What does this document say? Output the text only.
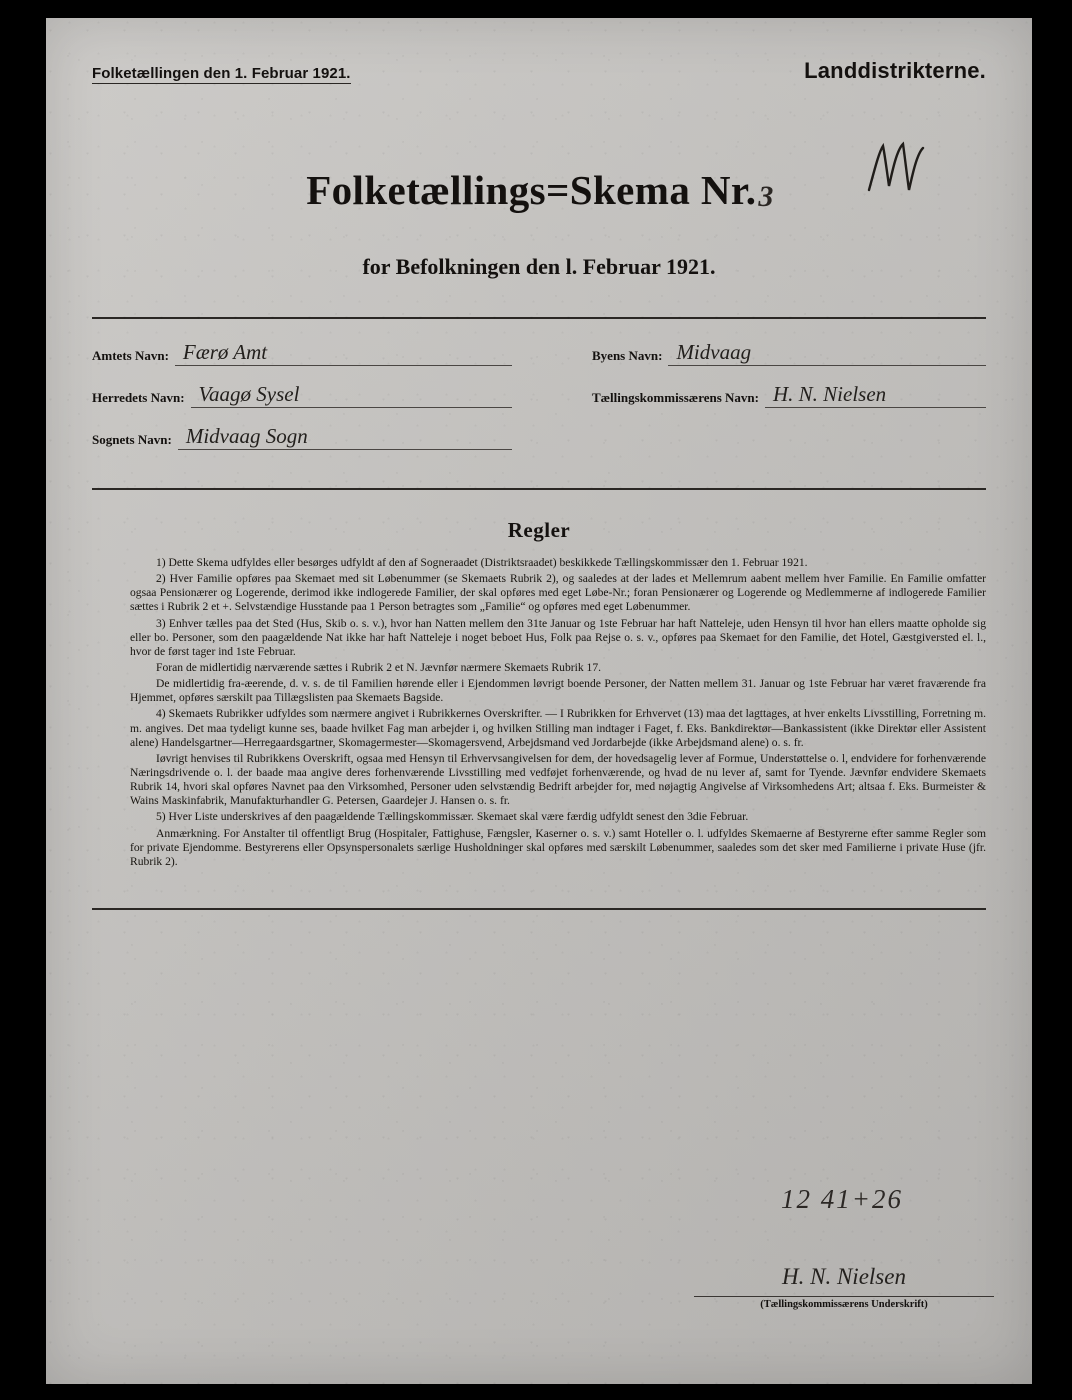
Folketællingen den 1. Februar 1921.	Landdistrikterne.
Folketællings=Skema Nr.3
for Befolkningen den l. Februar 1921.
Amtets Navn: Færø Amt
Herredets Navn: Vaagø Sysel
Sognets Navn: Midvaag Sogn
Byens Navn: Midvaag
Tællingskommissærens Navn: H. N. Nielsen
Regler

1) Dette Skema udfyldes eller besørges udfyldt af den af Sogneraadet (Distriktsraadet) beskikkede Tællingskommissær den 1. Februar 1921.

2) Hver Familie opføres paa Skemaet med sit Løbenummer (se Skemaets Rubrik 2), og saaledes at der lades et Mellemrum aabent mellem hver Familie. En Familie omfatter ogsaa Pensionærer og Logerende, derimod ikke indlogerede Familier, der skal opføres med eget Løbe-Nr.; foran Pensionærer og Logerende og Medlemmerne af indlogerede Familier sættes i Rubrik 2 et +. Selvstændige Husstande paa 1 Person betragtes som „Familie“ og opføres med eget Løbenummer.

3) Enhver tælles paa det Sted (Hus, Skib o. s. v.), hvor han Natten mellem den 31te Januar og 1ste Februar har haft Natteleje, uden Hensyn til hvor han ellers maatte opholde sig eller bo. Personer, som den paagældende Nat ikke har haft Natteleje i noget beboet Hus, Folk paa Rejse o. s. v., opføres paa Skemaet for den Familie, det Hotel, Gæstgiversted el. l., hvor de først tager ind 1ste Februar.

Foran de midlertidig nærværende sættes i Rubrik 2 et N. Jævnfør nærmere Skemaets Rubrik 17.

De midlertidig fra-æerende, d. v. s. de til Familien hørende eller i Ejendommen løvrigt boende Personer, der Natten mellem 31. Januar og 1ste Februar har været fraværende fra Hjemmet, opføres særskilt paa Tillægslisten paa Skemaets Bagside.

4) Skemaets Rubrikker udfyldes som nærmere angivet i Rubrikkernes Overskrifter. — I Rubrikken for Erhvervet (13) maa det lagttages, at hver enkelts Livsstilling, Forretning m. m. angives. Det maa tydeligt kunne ses, baade hvilket Fag man arbejder i, og hvilken Stilling man indtager i Faget, f. Eks. Bankdirektør—Bankassistent (ikke Direktør eller Assistent alene) Handelsgartner—Herregaardsgartner, Skomagermester—Skomagersvend, Arbejdsmand ved Jordarbejde (ikke Arbejdsmand alene) o. s. fr.

Iøvrigt henvises til Rubrikkens Overskrift, ogsaa med Hensyn til Erhvervsangivelsen for dem, der hovedsagelig lever af Formue, Understøttelse o. l, endvidere for forhenværende Næringsdrivende o. l. der baade maa angive deres forhenværende Livsstilling med vedføjet forhenværende, og hvad de nu lever af, samt for Tyende. Jævnfør endvidere Skemaets Rubrik 14, hvori skal opføres Navnet paa den Virksomhed, Personer uden selvstændig Bedrift arbejder for, med nøjagtig Angivelse af Virksomhedens Art; altsaa f. Eks. Burmeister & Wains Maskinfabrik, Manufakturhandler G. Petersen, Gaardejer J. Hansen o. s. fr.

5) Hver Liste underskrives af den paagældende Tællingskommissær. Skemaet skal være færdig udfyldt senest den 3die Februar.

Anmærkning. For Anstalter til offentligt Brug (Hospitaler, Fattighuse, Fængsler, Kaserner o. s. v.) samt Hoteller o. l. udfyldes Skemaerne af Bestyrerne efter samme Regler som for private Ejendomme. Bestyrerens eller Opsynspersonalets særlige Husholdninger skal opføres med særskilt Løbenummer, saaledes som det sker med Familierne i private Huse (jfr. Rubrik 2).

12 41+26
H. N. Nielsen
(Tællingskommissærens Underskrift)
